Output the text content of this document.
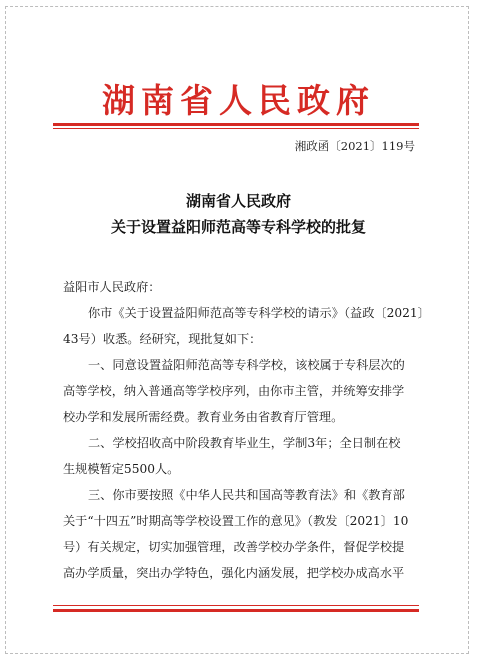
湖南省人民政府
湘政函〔2021〕119号
湖南省人民政府
关于设置益阳师范高等专科学校的批复
益阳市人民政府：
你市《关于设置益阳师范高等专科学校的请示》（益政〔2021〕
43号）收悉。经研究，现批复如下：
一、同意设置益阳师范高等专科学校，该校属于专科层次的
高等学校，纳入普通高等学校序列，由你市主管，并统筹安排学
校办学和发展所需经费。教育业务由省教育厅管理。
二、学校招收高中阶段教育毕业生，学制3年；全日制在校
生规模暂定5500人。
三、你市要按照《中华人民共和国高等教育法》和《教育部
关于“十四五”时期高等学校设置工作的意见》（教发〔2021〕10
号）有关规定，切实加强管理，改善学校办学条件，督促学校提
高办学质量，突出办学特色，强化内涵发展，把学校办成高水平
